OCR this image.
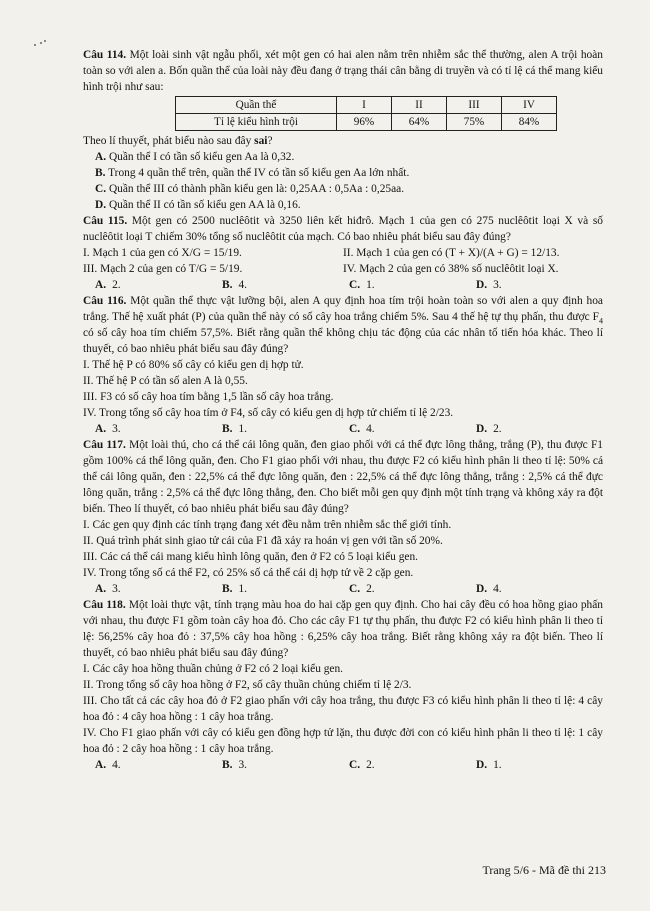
Câu 114. Một loài sinh vật ngẫu phối, xét một gen có hai alen nằm trên nhiễm sắc thể thường, alen A trội hoàn toàn so với alen a. Bốn quần thể của loài này đều đang ở trạng thái cân bằng di truyền và có tỉ lệ cá thể mang kiểu hình trội như sau:

Quần thể	I	II	III	IV
Tỉ lệ kiểu hình trội	96%	64%	75%	84%

Theo lí thuyết, phát biểu nào sau đây sai?

A. Quần thể I có tần số kiểu gen Aa là 0,32.

B. Trong 4 quần thể trên, quần thể IV có tần số kiểu gen Aa lớn nhất.

C. Quần thể III có thành phần kiểu gen là: 0,25AA : 0,5Aa : 0,25aa.

D. Quần thể II có tần số kiểu gen AA là 0,16.

Câu 115. Một gen có 2500 nuclêôtit và 3250 liên kết hiđrô. Mạch 1 của gen có 275 nuclêôtit loại X và số nuclêôtit loại T chiếm 30% tổng số nuclêôtit của mạch. Có bao nhiêu phát biểu sau đây đúng?

I. Mạch 1 của gen có X/G = 15/19.	II. Mạch 1 của gen có (T + X)/(A + G) = 12/13.
III. Mạch 2 của gen có T/G = 5/19.	IV. Mạch 2 của gen có 38% số nuclêôtit loại X.
A. 2.	B. 4.	C. 1.	D. 3.

Câu 116. Một quần thể thực vật lưỡng bội, alen A quy định hoa tím trội hoàn toàn so với alen a quy định hoa trắng. Thế hệ xuất phát (P) của quần thể này có số cây hoa trắng chiếm 5%. Sau 4 thế hệ tự thụ phấn, thu được $F_4$ có số cây hoa tím chiếm 57,5%. Biết rằng quần thể không chịu tác động của các nhân tố tiến hóa khác. Theo lí thuyết, có bao nhiêu phát biểu sau đây đúng?

I. Thế hệ P có 80% số cây có kiểu gen dị hợp tử.

II. Thế hệ P có tần số alen A là 0,55.

III. F3 có số cây hoa tím bằng 1,5 lần số cây hoa trắng.

IV. Trong tổng số cây hoa tím ở F4, số cây có kiểu gen dị hợp tử chiếm tỉ lệ 2/23.

A. 3.	B. 1.	C. 4.	D. 2.

Câu 117. Một loài thú, cho cá thể cái lông quăn, đen giao phối với cá thể đực lông thẳng, trắng (P), thu được F1 gồm 100% cá thể lông quăn, đen. Cho F1 giao phối với nhau, thu được F2 có kiểu hình phân li theo tỉ lệ: 50% cá thể cái lông quăn, đen : 22,5% cá thể đực lông quăn, đen : 22,5% cá thể đực lông thẳng, trắng : 2,5% cá thể đực lông quăn, trắng : 2,5% cá thể đực lông thẳng, đen. Cho biết mỗi gen quy định một tính trạng và không xảy ra đột biến. Theo lí thuyết, có bao nhiêu phát biểu sau đây đúng?

I. Các gen quy định các tính trạng đang xét đều nằm trên nhiễm sắc thể giới tính.

II. Quá trình phát sinh giao tử cái của F1 đã xảy ra hoán vị gen với tần số 20%.

III. Các cá thể cái mang kiểu hình lông quăn, đen ở F2 có 5 loại kiểu gen.

IV. Trong tổng số cá thể F2, có 25% số cá thể cái dị hợp tử về 2 cặp gen.

A. 3.	B. 1.	C. 2.	D. 4.

Câu 118. Một loài thực vật, tính trạng màu hoa do hai cặp gen quy định. Cho hai cây đều có hoa hồng giao phấn với nhau, thu được F1 gồm toàn cây hoa đỏ. Cho các cây F1 tự thụ phấn, thu được F2 có kiểu hình phân li theo tỉ lệ: 56,25% cây hoa đỏ : 37,5% cây hoa hồng : 6,25% cây hoa trắng. Biết rằng không xảy ra đột biến. Theo lí thuyết, có bao nhiêu phát biểu sau đây đúng?

I. Các cây hoa hồng thuần chủng ở F2 có 2 loại kiểu gen.

II. Trong tổng số cây hoa hồng ở F2, số cây thuần chủng chiếm tỉ lệ 2/3.

III. Cho tất cả các cây hoa đỏ ở F2 giao phấn với cây hoa trắng, thu được F3 có kiểu hình phân li theo tỉ lệ: 4 cây hoa đỏ : 4 cây hoa hồng : 1 cây hoa trắng.

IV. Cho F1 giao phấn với cây có kiểu gen đồng hợp tử lặn, thu được đời con có kiểu hình phân li theo tỉ lệ: 1 cây hoa đỏ : 2 cây hoa hồng : 1 cây hoa trắng.

A. 4.	B. 3.	C. 2.	D. 1.
Trang 5/6 - Mã đề thi 213
